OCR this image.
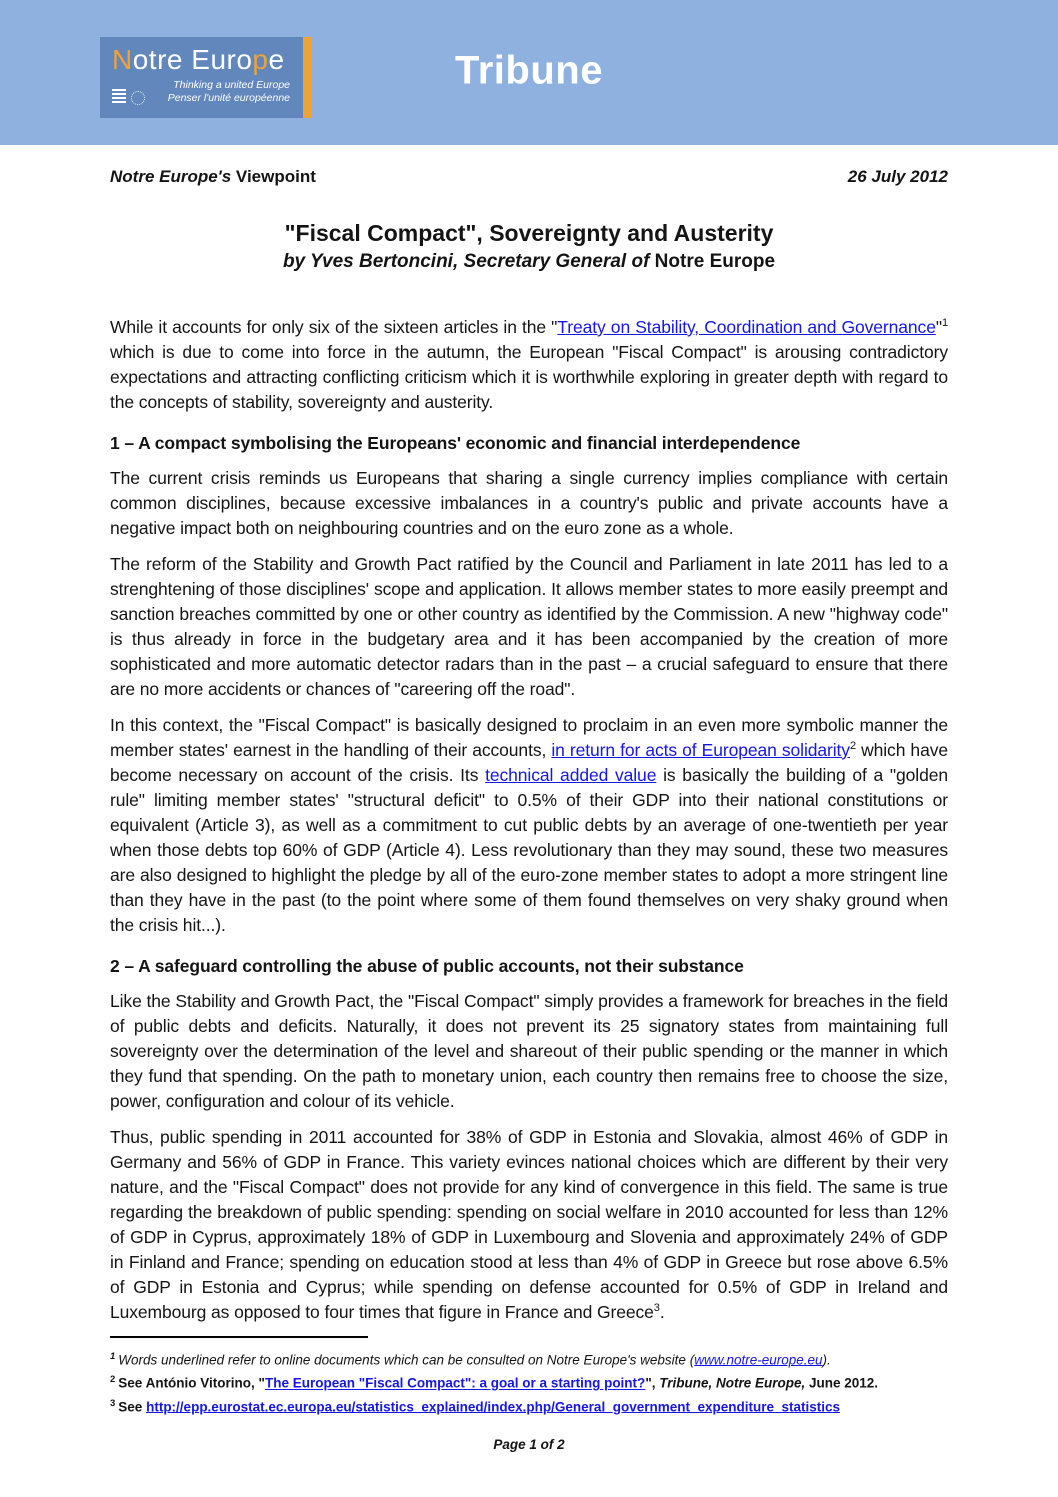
Notre Europe
Thinking a united Europe
Penser l'unité européenne
Tribune
Notre Europe's Viewpoint	26 July 2012
"Fiscal Compact", Sovereignty and Austerity
by Yves Bertoncini, Secretary General of Notre Europe
While it accounts for only six of the sixteen articles in the "Treaty on Stability, Coordination and Governance"$^1$ which is due to come into force in the autumn, the European "Fiscal Compact" is arousing contradictory expectations and attracting conflicting criticism which it is worthwhile exploring in greater depth with regard to the concepts of stability, sovereignty and austerity.
1 – A compact symbolising the Europeans' economic and financial interdependence
The current crisis reminds us Europeans that sharing a single currency implies compliance with certain common disciplines, because excessive imbalances in a country's public and private accounts have a negative impact both on neighbouring countries and on the euro zone as a whole.
The reform of the Stability and Growth Pact ratified by the Council and Parliament in late 2011 has led to a strenghtening of those disciplines' scope and application. It allows member states to more easily preempt and sanction breaches committed by one or other country as identified by the Commission. A new "highway code" is thus already in force in the budgetary area and it has been accompanied by the creation of more sophisticated and more automatic detector radars than in the past – a crucial safeguard to ensure that there are no more accidents or chances of "careering off the road".
In this context, the "Fiscal Compact" is basically designed to proclaim in an even more symbolic manner the member states' earnest in the handling of their accounts, in return for acts of European solidarity$^2$ which have become necessary on account of the crisis. Its technical added value is basically the building of a "golden rule" limiting member states' "structural deficit" to 0.5% of their GDP into their national constitutions or equivalent (Article 3), as well as a commitment to cut public debts by an average of one-twentieth per year when those debts top 60% of GDP (Article 4). Less revolutionary than they may sound, these two measures are also designed to highlight the pledge by all of the euro-zone member states to adopt a more stringent line than they have in the past (to the point where some of them found themselves on very shaky ground when the crisis hit...).
2 – A safeguard controlling the abuse of public accounts, not their substance
Like the Stability and Growth Pact, the "Fiscal Compact" simply provides a framework for breaches in the field of public debts and deficits. Naturally, it does not prevent its 25 signatory states from maintaining full sovereignty over the determination of the level and shareout of their public spending or the manner in which they fund that spending. On the path to monetary union, each country then remains free to choose the size, power, configuration and colour of its vehicle.
Thus, public spending in 2011 accounted for 38% of GDP in Estonia and Slovakia, almost 46% of GDP in Germany and 56% of GDP in France. This variety evinces national choices which are different by their very nature, and the "Fiscal Compact" does not provide for any kind of convergence in this field. The same is true regarding the breakdown of public spending: spending on social welfare in 2010 accounted for less than 12% of GDP in Cyprus, approximately 18% of GDP in Luxembourg and Slovenia and approximately 24% of GDP in Finland and France; spending on education stood at less than 4% of GDP in Greece but rose above 6.5% of GDP in Estonia and Cyprus; while spending on defense accounted for 0.5% of GDP in Ireland and Luxembourg as opposed to four times that figure in France and Greece$^3$.
$^1$ Words underlined refer to online documents which can be consulted on Notre Europe's website (www.notre-europe.eu).
$^2$ See António Vitorino, "The European "Fiscal Compact": a goal or a starting point?", Tribune, Notre Europe, June 2012.
$^3$ See http://epp.eurostat.ec.europa.eu/statistics_explained/index.php/General_government_expenditure_statistics
Page 1 of 2
